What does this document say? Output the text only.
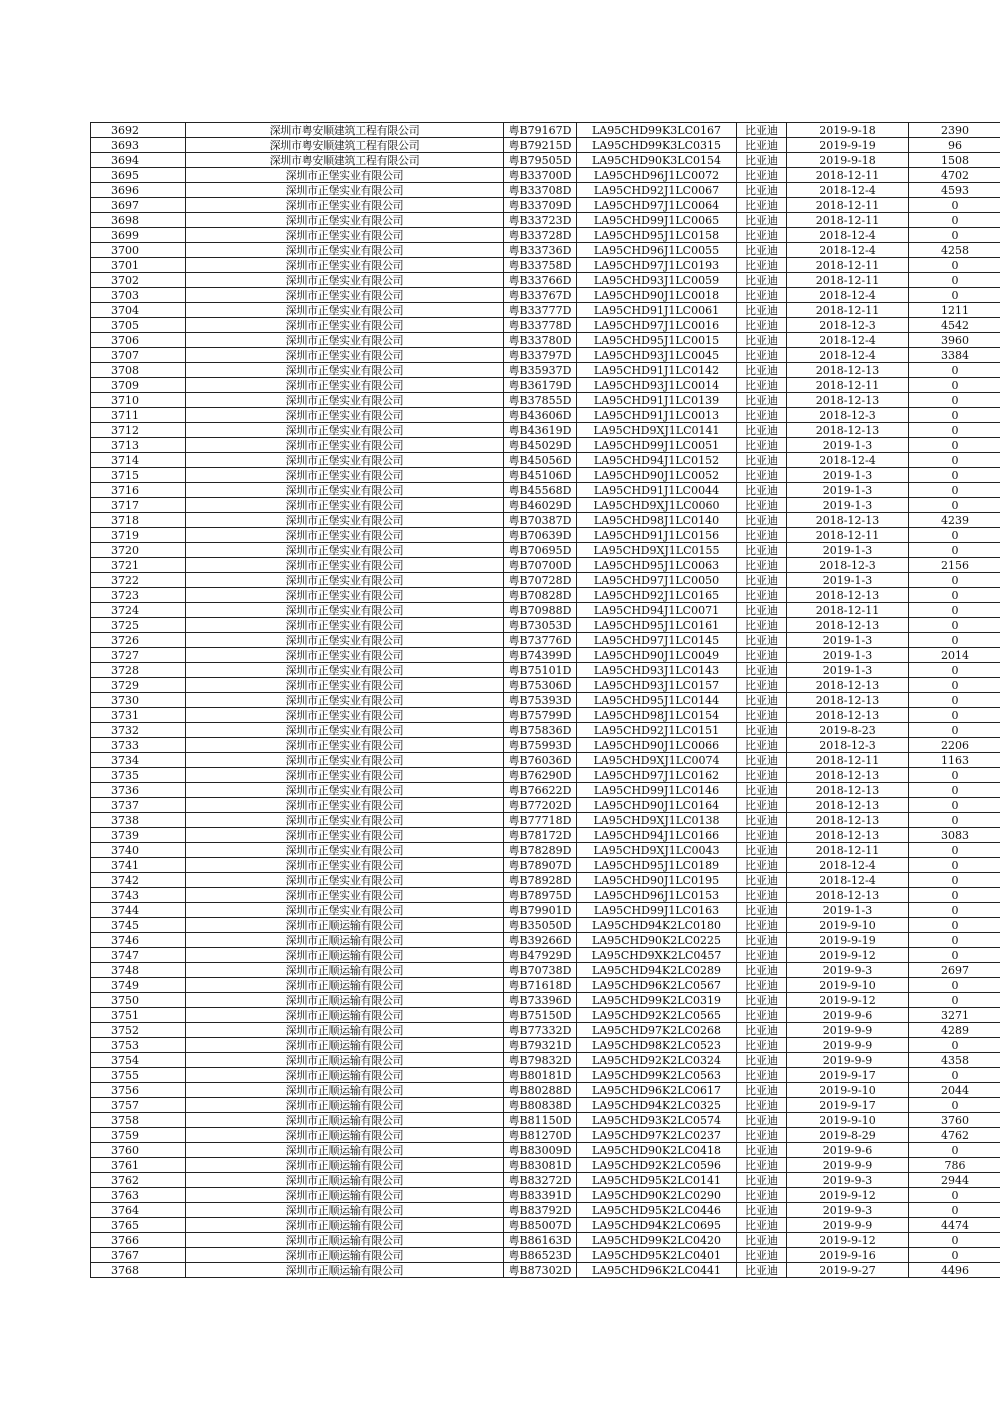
3692	深圳市粤安顺建筑工程有限公司	粤B79167D	LA95CHD99K3LC0167	比亚迪	2019-9-18	2390
3693	深圳市粤安顺建筑工程有限公司	粤B79215D	LA95CHD99K3LC0315	比亚迪	2019-9-19	96
3694	深圳市粤安顺建筑工程有限公司	粤B79505D	LA95CHD90K3LC0154	比亚迪	2019-9-18	1508
3695	深圳市正堡实业有限公司	粤B33700D	LA95CHD96J1LC0072	比亚迪	2018-12-11	4702
3696	深圳市正堡实业有限公司	粤B33708D	LA95CHD92J1LC0067	比亚迪	2018-12-4	4593
3697	深圳市正堡实业有限公司	粤B33709D	LA95CHD97J1LC0064	比亚迪	2018-12-11	0
3698	深圳市正堡实业有限公司	粤B33723D	LA95CHD99J1LC0065	比亚迪	2018-12-11	0
3699	深圳市正堡实业有限公司	粤B33728D	LA95CHD95J1LC0158	比亚迪	2018-12-4	0
3700	深圳市正堡实业有限公司	粤B33736D	LA95CHD96J1LC0055	比亚迪	2018-12-4	4258
3701	深圳市正堡实业有限公司	粤B33758D	LA95CHD97J1LC0193	比亚迪	2018-12-11	0
3702	深圳市正堡实业有限公司	粤B33766D	LA95CHD93J1LC0059	比亚迪	2018-12-11	0
3703	深圳市正堡实业有限公司	粤B33767D	LA95CHD90J1LC0018	比亚迪	2018-12-4	0
3704	深圳市正堡实业有限公司	粤B33777D	LA95CHD91J1LC0061	比亚迪	2018-12-11	1211
3705	深圳市正堡实业有限公司	粤B33778D	LA95CHD97J1LC0016	比亚迪	2018-12-3	4542
3706	深圳市正堡实业有限公司	粤B33780D	LA95CHD95J1LC0015	比亚迪	2018-12-4	3960
3707	深圳市正堡实业有限公司	粤B33797D	LA95CHD93J1LC0045	比亚迪	2018-12-4	3384
3708	深圳市正堡实业有限公司	粤B35937D	LA95CHD91J1LC0142	比亚迪	2018-12-13	0
3709	深圳市正堡实业有限公司	粤B36179D	LA95CHD93J1LC0014	比亚迪	2018-12-11	0
3710	深圳市正堡实业有限公司	粤B37855D	LA95CHD91J1LC0139	比亚迪	2018-12-13	0
3711	深圳市正堡实业有限公司	粤B43606D	LA95CHD91J1LC0013	比亚迪	2018-12-3	0
3712	深圳市正堡实业有限公司	粤B43619D	LA95CHD9XJ1LC0141	比亚迪	2018-12-13	0
3713	深圳市正堡实业有限公司	粤B45029D	LA95CHD99J1LC0051	比亚迪	2019-1-3	0
3714	深圳市正堡实业有限公司	粤B45056D	LA95CHD94J1LC0152	比亚迪	2018-12-4	0
3715	深圳市正堡实业有限公司	粤B45106D	LA95CHD90J1LC0052	比亚迪	2019-1-3	0
3716	深圳市正堡实业有限公司	粤B45568D	LA95CHD91J1LC0044	比亚迪	2019-1-3	0
3717	深圳市正堡实业有限公司	粤B46029D	LA95CHD9XJ1LC0060	比亚迪	2019-1-3	0
3718	深圳市正堡实业有限公司	粤B70387D	LA95CHD98J1LC0140	比亚迪	2018-12-13	4239
3719	深圳市正堡实业有限公司	粤B70639D	LA95CHD91J1LC0156	比亚迪	2018-12-11	0
3720	深圳市正堡实业有限公司	粤B70695D	LA95CHD9XJ1LC0155	比亚迪	2019-1-3	0
3721	深圳市正堡实业有限公司	粤B70700D	LA95CHD95J1LC0063	比亚迪	2018-12-3	2156
3722	深圳市正堡实业有限公司	粤B70728D	LA95CHD97J1LC0050	比亚迪	2019-1-3	0
3723	深圳市正堡实业有限公司	粤B70828D	LA95CHD92J1LC0165	比亚迪	2018-12-13	0
3724	深圳市正堡实业有限公司	粤B70988D	LA95CHD94J1LC0071	比亚迪	2018-12-11	0
3725	深圳市正堡实业有限公司	粤B73053D	LA95CHD95J1LC0161	比亚迪	2018-12-13	0
3726	深圳市正堡实业有限公司	粤B73776D	LA95CHD97J1LC0145	比亚迪	2019-1-3	0
3727	深圳市正堡实业有限公司	粤B74399D	LA95CHD90J1LC0049	比亚迪	2019-1-3	2014
3728	深圳市正堡实业有限公司	粤B75101D	LA95CHD93J1LC0143	比亚迪	2019-1-3	0
3729	深圳市正堡实业有限公司	粤B75306D	LA95CHD93J1LC0157	比亚迪	2018-12-13	0
3730	深圳市正堡实业有限公司	粤B75393D	LA95CHD95J1LC0144	比亚迪	2018-12-13	0
3731	深圳市正堡实业有限公司	粤B75799D	LA95CHD98J1LC0154	比亚迪	2018-12-13	0
3732	深圳市正堡实业有限公司	粤B75836D	LA95CHD92J1LC0151	比亚迪	2019-8-23	0
3733	深圳市正堡实业有限公司	粤B75993D	LA95CHD90J1LC0066	比亚迪	2018-12-3	2206
3734	深圳市正堡实业有限公司	粤B76036D	LA95CHD9XJ1LC0074	比亚迪	2018-12-11	1163
3735	深圳市正堡实业有限公司	粤B76290D	LA95CHD97J1LC0162	比亚迪	2018-12-13	0
3736	深圳市正堡实业有限公司	粤B76622D	LA95CHD99J1LC0146	比亚迪	2018-12-13	0
3737	深圳市正堡实业有限公司	粤B77202D	LA95CHD90J1LC0164	比亚迪	2018-12-13	0
3738	深圳市正堡实业有限公司	粤B77718D	LA95CHD9XJ1LC0138	比亚迪	2018-12-13	0
3739	深圳市正堡实业有限公司	粤B78172D	LA95CHD94J1LC0166	比亚迪	2018-12-13	3083
3740	深圳市正堡实业有限公司	粤B78289D	LA95CHD9XJ1LC0043	比亚迪	2018-12-11	0
3741	深圳市正堡实业有限公司	粤B78907D	LA95CHD95J1LC0189	比亚迪	2018-12-4	0
3742	深圳市正堡实业有限公司	粤B78928D	LA95CHD90J1LC0195	比亚迪	2018-12-4	0
3743	深圳市正堡实业有限公司	粤B78975D	LA95CHD96J1LC0153	比亚迪	2018-12-13	0
3744	深圳市正堡实业有限公司	粤B79901D	LA95CHD99J1LC0163	比亚迪	2019-1-3	0
3745	深圳市正顺运输有限公司	粤B35050D	LA95CHD94K2LC0180	比亚迪	2019-9-10	0
3746	深圳市正顺运输有限公司	粤B39266D	LA95CHD90K2LC0225	比亚迪	2019-9-19	0
3747	深圳市正顺运输有限公司	粤B47929D	LA95CHD9XK2LC0457	比亚迪	2019-9-12	0
3748	深圳市正顺运输有限公司	粤B70738D	LA95CHD94K2LC0289	比亚迪	2019-9-3	2697
3749	深圳市正顺运输有限公司	粤B71618D	LA95CHD96K2LC0567	比亚迪	2019-9-10	0
3750	深圳市正顺运输有限公司	粤B73396D	LA95CHD99K2LC0319	比亚迪	2019-9-12	0
3751	深圳市正顺运输有限公司	粤B75150D	LA95CHD92K2LC0565	比亚迪	2019-9-6	3271
3752	深圳市正顺运输有限公司	粤B77332D	LA95CHD97K2LC0268	比亚迪	2019-9-9	4289
3753	深圳市正顺运输有限公司	粤B79321D	LA95CHD98K2LC0523	比亚迪	2019-9-9	0
3754	深圳市正顺运输有限公司	粤B79832D	LA95CHD92K2LC0324	比亚迪	2019-9-9	4358
3755	深圳市正顺运输有限公司	粤B80181D	LA95CHD99K2LC0563	比亚迪	2019-9-17	0
3756	深圳市正顺运输有限公司	粤B80288D	LA95CHD96K2LC0617	比亚迪	2019-9-10	2044
3757	深圳市正顺运输有限公司	粤B80838D	LA95CHD94K2LC0325	比亚迪	2019-9-17	0
3758	深圳市正顺运输有限公司	粤B81150D	LA95CHD93K2LC0574	比亚迪	2019-9-10	3760
3759	深圳市正顺运输有限公司	粤B81270D	LA95CHD97K2LC0237	比亚迪	2019-8-29	4762
3760	深圳市正顺运输有限公司	粤B83009D	LA95CHD90K2LC0418	比亚迪	2019-9-6	0
3761	深圳市正顺运输有限公司	粤B83081D	LA95CHD92K2LC0596	比亚迪	2019-9-9	786
3762	深圳市正顺运输有限公司	粤B83272D	LA95CHD95K2LC0141	比亚迪	2019-9-3	2944
3763	深圳市正顺运输有限公司	粤B83391D	LA95CHD90K2LC0290	比亚迪	2019-9-12	0
3764	深圳市正顺运输有限公司	粤B83792D	LA95CHD95K2LC0446	比亚迪	2019-9-3	0
3765	深圳市正顺运输有限公司	粤B85007D	LA95CHD94K2LC0695	比亚迪	2019-9-9	4474
3766	深圳市正顺运输有限公司	粤B86163D	LA95CHD99K2LC0420	比亚迪	2019-9-12	0
3767	深圳市正顺运输有限公司	粤B86523D	LA95CHD95K2LC0401	比亚迪	2019-9-16	0
3768	深圳市正顺运输有限公司	粤B87302D	LA95CHD96K2LC0441	比亚迪	2019-9-27	4496
